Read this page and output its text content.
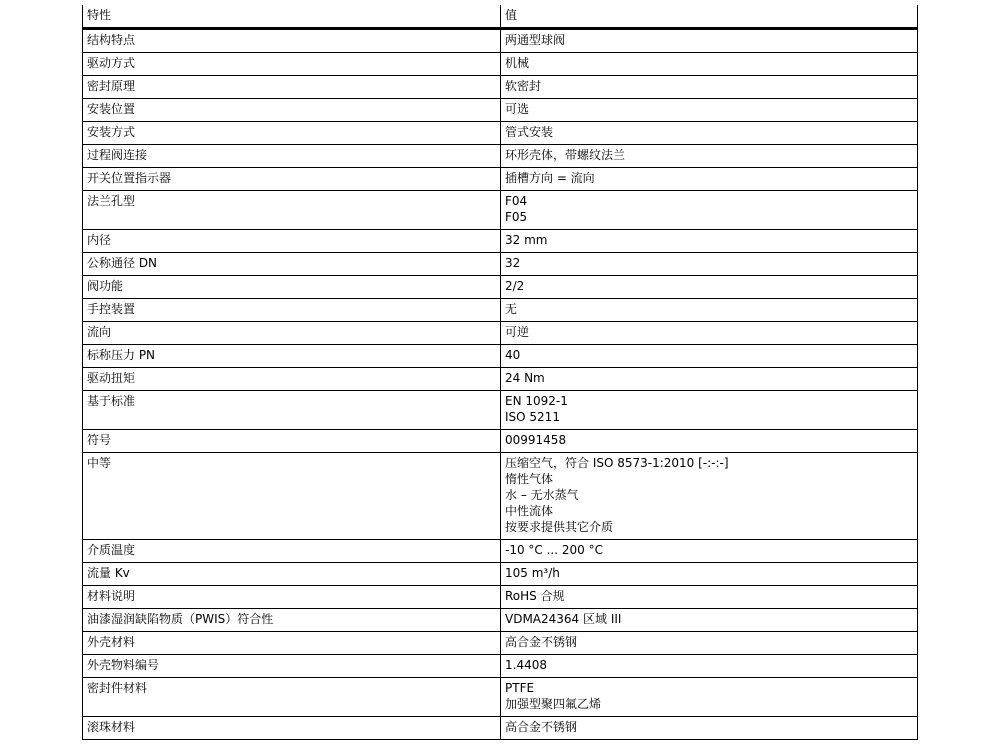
特性	值
结构特点	两通型球阀

驱动方式	机械

密封原理	软密封

安装位置	可选

安装方式	管式安装

过程阀连接	环形壳体，带螺纹法兰

开关位置指示器	插槽方向 = 流向

法兰孔型	F04
F05

内径	32 mm

公称通径 DN	32

阀功能	2/2

手控装置	无

流向	可逆

标称压力 PN	40

驱动扭矩	24 Nm

基于标准	EN 1092-1
ISO 5211

符号	00991458

中等	压缩空气，符合 ISO 8573-1:2010 [-:-:-]
惰性气体
水 – 无水蒸气
中性流体
按要求提供其它介质

介质温度	-10 °C ... 200 °C

流量 Kv	105 m³/h

材料说明	RoHS 合规

油漆湿润缺陷物质（PWIS）符合性	VDMA24364 区域 III

外壳材料	高合金不锈钢

外壳物料编号	1.4408

密封件材料	PTFE
加强型聚四氟乙烯

滚珠材料	高合金不锈钢
